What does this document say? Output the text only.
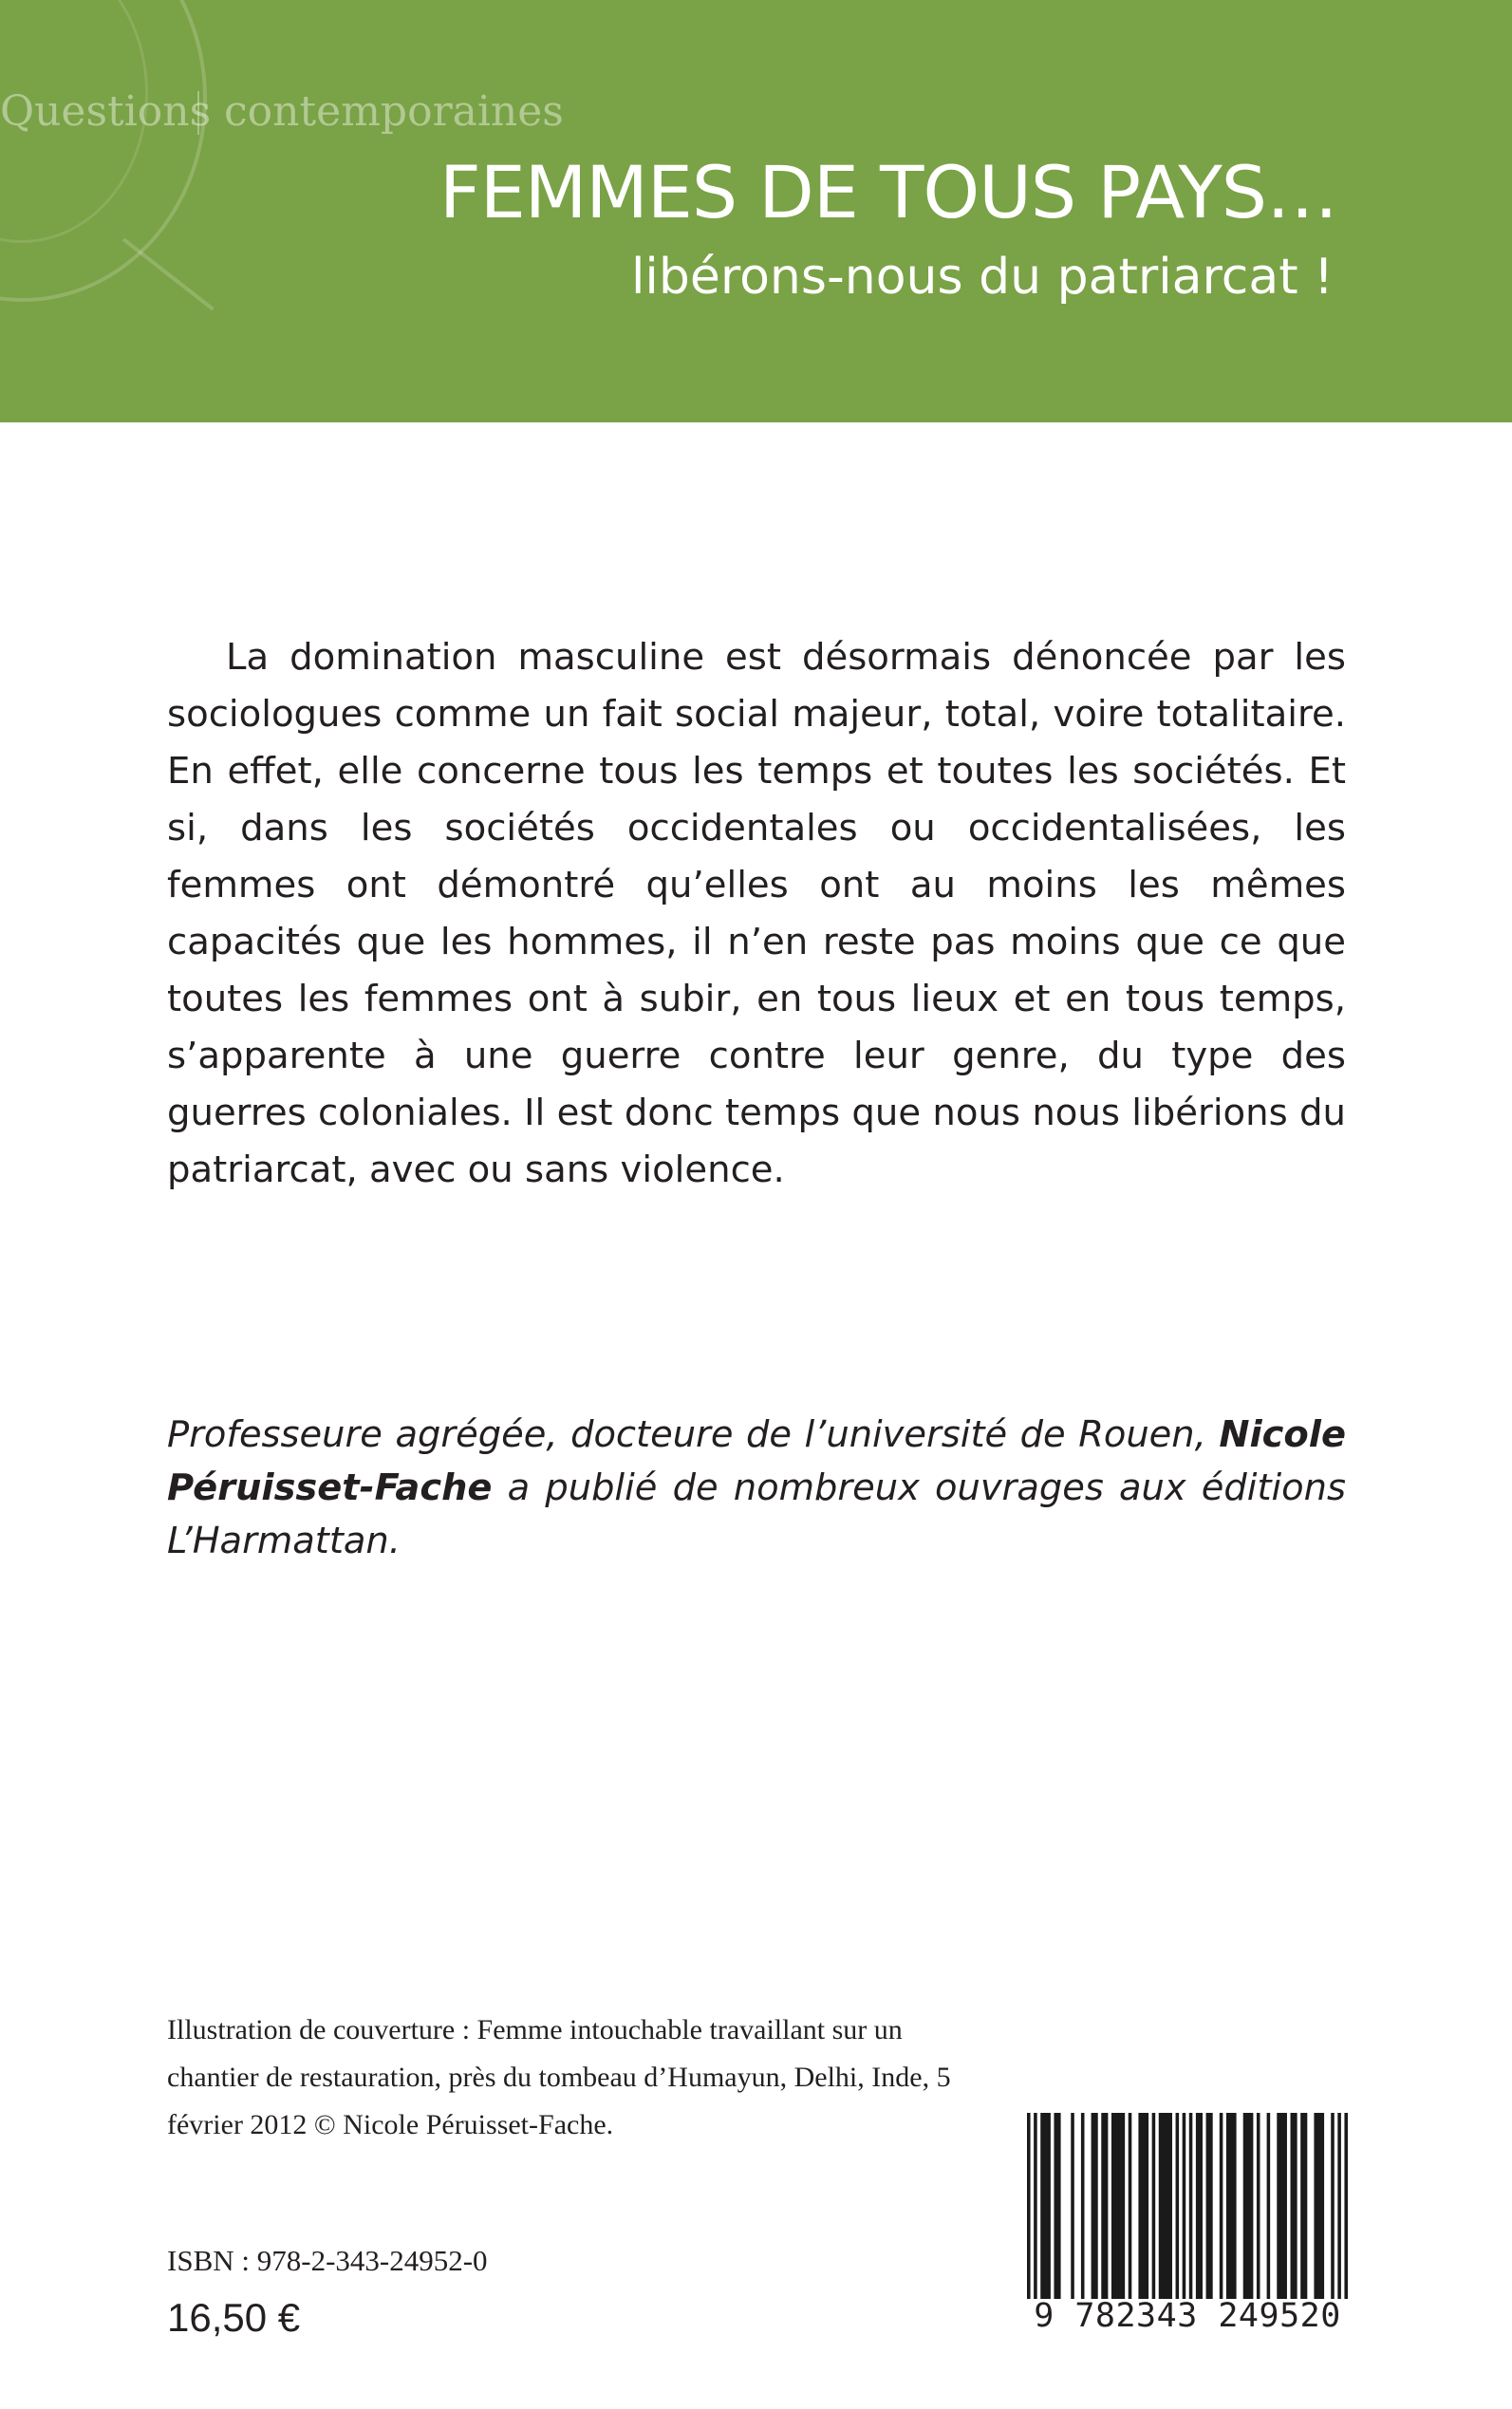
Questions contemporaines
FEMMES DE TOUS PAYS…
libérons-nous du patriarcat !
La domination masculine est désormais dénoncée par les sociologues comme un fait social majeur, total, voire totalitaire. En effet, elle concerne tous les temps et toutes les sociétés. Et si, dans les sociétés occidentales ou occidentalisées, les femmes ont démontré qu’elles ont au moins les mêmes capacités que les hommes, il n’en reste pas moins que ce que toutes les femmes ont à subir, en tous lieux et en tous temps, s’apparente à une guerre contre leur genre, du type des guerres coloniales. Il est donc temps que nous nous libérions du patriarcat, avec ou sans violence.
Professeure agrégée, docteure de l’université de Rouen, Nicole Péruisset-Fache a publié de nombreux ouvrages aux éditions L’Harmattan.
Illustration de couverture : Femme intouchable travaillant sur un chantier de restauration, près du tombeau d’Humayun, Delhi, Inde, 5 février 2012 © Nicole Péruisset-Fache.
ISBN : 978-2-343-24952-0
16,50 €	9 782343 249520
